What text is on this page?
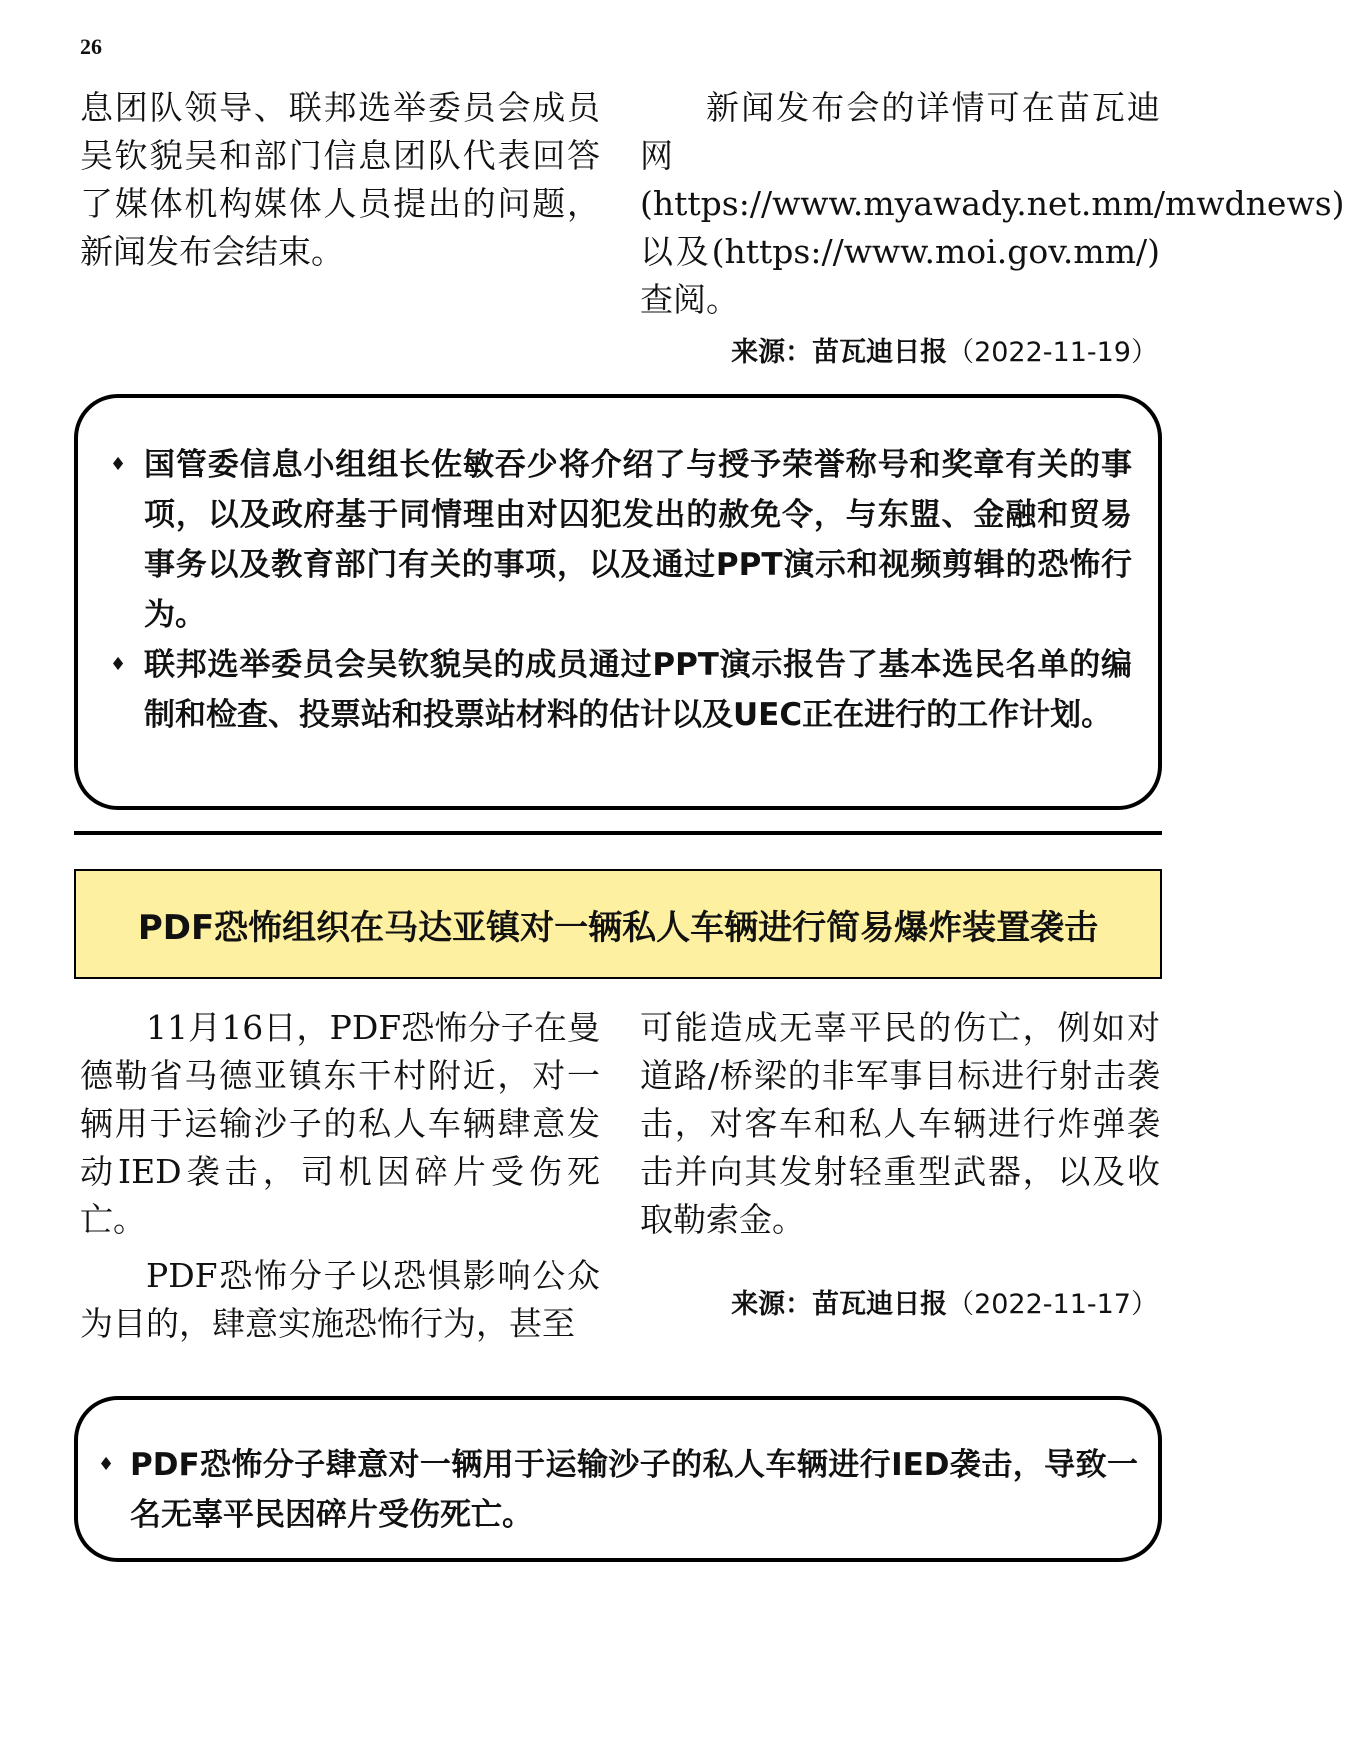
26

息团队领导、联邦选举委员会成员吴钦貌吴和部门信息团队代表回答了媒体机构媒体人员提出的问题，新闻发布会结束。

新闻发布会的详情可在苗瓦迪网(https://www.myawady.net.mm/mwdnews) 以及(https://www.moi.gov.mm/)查阅。

来源：苗瓦迪日报（2022-11-19）
♦ 国管委信息小组组长佐敏吞少将介绍了与授予荣誉称号和奖章有关的事项，以及政府基于同情理由对囚犯发出的赦免令，与东盟、金融和贸易事务以及教育部门有关的事项，以及通过PPT演示和视频剪辑的恐怖行为。
♦ 联邦选举委员会吴钦貌吴的成员通过PPT演示报告了基本选民名单的编制和检查、投票站和投票站材料的估计以及UEC正在进行的工作计划。
PDF恐怖组织在马达亚镇对一辆私人车辆进行简易爆炸装置袭击

11月16日，PDF恐怖分子在曼德勒省马德亚镇东干村附近，对一辆用于运输沙子的私人车辆肆意发动IED袭击，司机因碎片受伤死亡。

PDF恐怖分子以恐惧影响公众为目的，肆意实施恐怖行为，甚至

可能造成无辜平民的伤亡，例如对道路/桥梁的非军事目标进行射击袭击，对客车和私人车辆进行炸弹袭击并向其发射轻重型武器，以及收取勒索金。

来源：苗瓦迪日报（2022-11-17）
♦ PDF恐怖分子肆意对一辆用于运输沙子的私人车辆进行IED袭击，导致一名无辜平民因碎片受伤死亡。
